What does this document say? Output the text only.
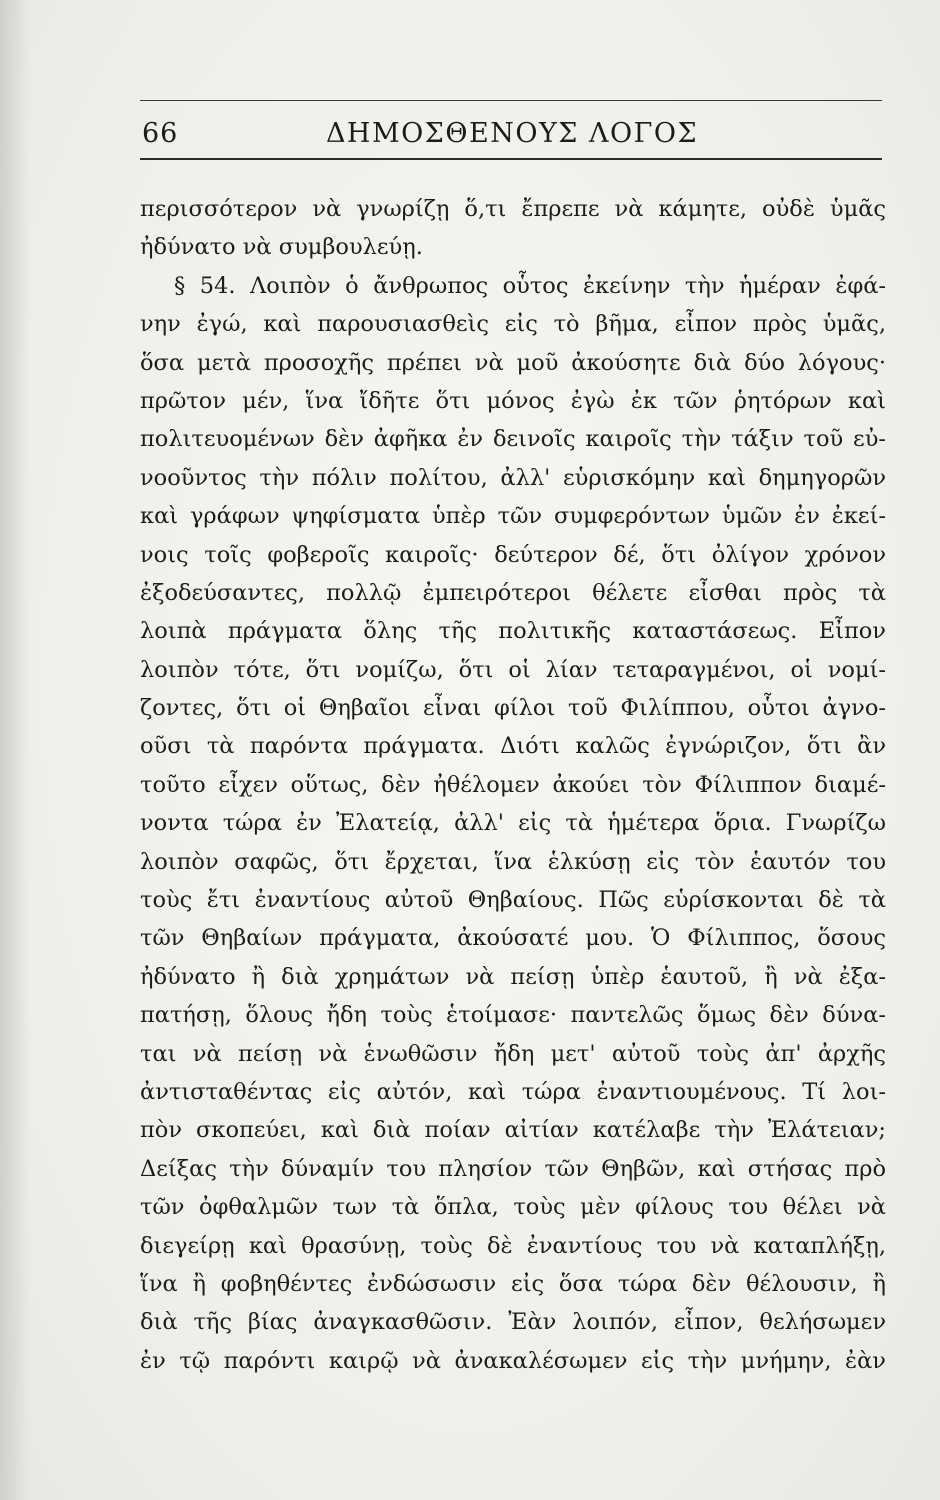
66	ΔΗΜΟΣΘΕΝΟΥΣ ΛΟΓΟΣ
περισσότερον νὰ γνωρίζῃ ὅ,τι ἔπρεπε νὰ κάμητε, οὐδὲ ὑμᾶς
ἠδύνατο νὰ συμβουλεύῃ.
§ 54. Λοιπὸν ὁ ἄνθρωπος οὗτος ἐκείνην τὴν ἡμέραν ἐφά-
νην ἐγώ, καὶ παρουσιασθεὶς εἰς τὸ βῆμα, εἶπον πρὸς ὑμᾶς,
ὅσα μετὰ προσοχῆς πρέπει νὰ μοῦ ἀκούσητε διὰ δύο λόγους·
πρῶτον μέν, ἵνα ἴδῆτε ὅτι μόνος ἐγὼ ἐκ τῶν ῥητόρων καὶ
πολιτευομένων δὲν ἀφῆκα ἐν δεινοῖς καιροῖς τὴν τάξιν τοῦ εὐ-
νοοῦντος τὴν πόλιν πολίτου, ἀλλ' εὑρισκόμην καὶ δημηγορῶν
καὶ γράφων ψηφίσματα ὑπὲρ τῶν συμφερόντων ὑμῶν ἐν ἐκεί-
νοις τοῖς φοβεροῖς καιροῖς· δεύτερον δέ, ὅτι ὀλίγον χρόνον
ἐξοδεύσαντες, πολλῷ ἐμπειρότεροι θέλετε εἶσθαι πρὸς τὰ
λοιπὰ πράγματα ὅλης τῆς πολιτικῆς καταστάσεως. Εἶπον
λοιπὸν τότε, ὅτι νομίζω, ὅτι οἱ λίαν τεταραγμένοι, οἱ νομί-
ζοντες, ὅτι οἱ Θηβαῖοι εἶναι φίλοι τοῦ Φιλίππου, οὗτοι ἀγνο-
οῦσι τὰ παρόντα πράγματα. Διότι καλῶς ἐγνώριζον, ὅτι ἂν
τοῦτο εἶχεν οὕτως, δὲν ἠθέλομεν ἀκούει τὸν Φίλιππον διαμέ-
νοντα τώρα ἐν Ἐλατείᾳ, ἀλλ' εἰς τὰ ἡμέτερα ὅρια. Γνωρίζω
λοιπὸν σαφῶς, ὅτι ἔρχεται, ἵνα ἑλκύσῃ εἰς τὸν ἑαυτόν του
τοὺς ἔτι ἐναντίους αὐτοῦ Θηβαίους. Πῶς εὑρίσκονται δὲ τὰ
τῶν Θηβαίων πράγματα, ἀκούσατέ μου. Ὁ Φίλιππος, ὅσους
ἠδύνατο ἢ διὰ χρημάτων νὰ πείσῃ ὑπὲρ ἑαυτοῦ, ἢ νὰ ἐξα-
πατήσῃ, ὅλους ἤδη τοὺς ἑτοίμασε· παντελῶς ὅμως δὲν δύνα-
ται νὰ πείσῃ νὰ ἑνωθῶσιν ἤδη μετ' αὐτοῦ τοὺς ἀπ' ἀρχῆς
ἀντισταθέντας εἰς αὐτόν, καὶ τώρα ἐναντιουμένους. Τί λοι-
πὸν σκοπεύει, καὶ διὰ ποίαν αἰτίαν κατέλαβε τὴν Ἐλάτειαν;
Δείξας τὴν δύναμίν του πλησίον τῶν Θηβῶν, καὶ στήσας πρὸ
τῶν ὀφθαλμῶν των τὰ ὅπλα, τοὺς μὲν φίλους του θέλει νὰ
διεγείρῃ καὶ θρασύνῃ, τοὺς δὲ ἐναντίους του νὰ καταπλήξῃ,
ἵνα ἢ φοβηθέντες ἐνδώσωσιν εἰς ὅσα τώρα δὲν θέλουσιν, ἢ
διὰ τῆς βίας ἀναγκασθῶσιν. Ἐὰν λοιπόν, εἶπον, θελήσωμεν
ἐν τῷ παρόντι καιρῷ νὰ ἀνακαλέσωμεν εἰς τὴν μνήμην, ἐὰν
